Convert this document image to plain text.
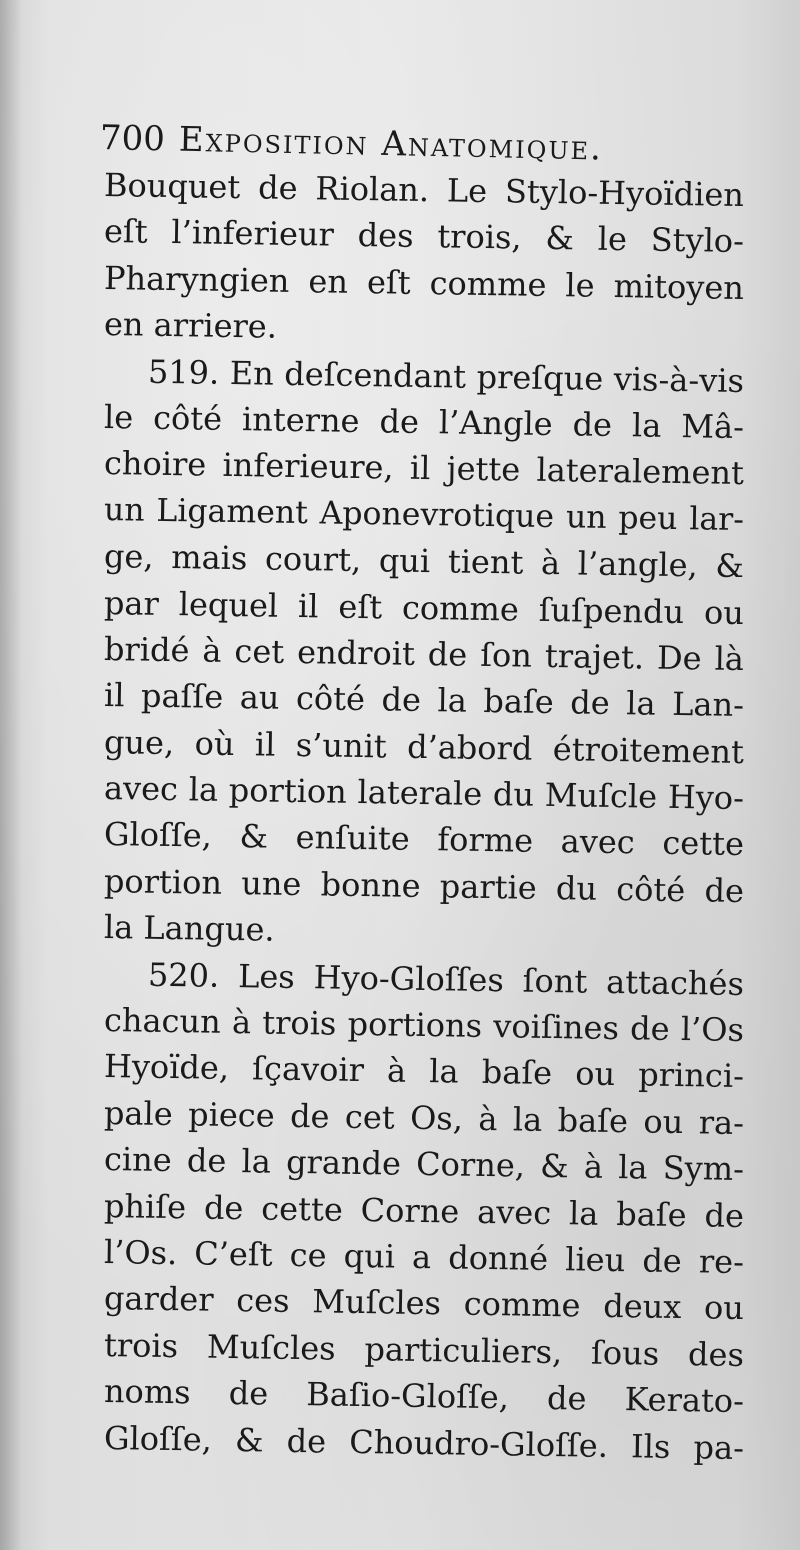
700 Exposition Anatomique.
Bouquet de Riolan. Le Stylo-Hyoïdien
eſt l’inferieur des trois, & le Stylo-
Pharyngien en eſt comme le mitoyen
en arriere.
519. En deſcendant preſque vis-à-vis
le côté interne de l’Angle de la Mâ-
choire inferieure, il jette lateralement
un Ligament Aponevrotique un peu lar-
ge, mais court, qui tient à l’angle, &
par lequel il eſt comme ſuſpendu ou
bridé à cet endroit de ſon trajet. De là
il paſſe au côté de la baſe de la Lan-
gue, où il s’unit d’abord étroitement
avec la portion laterale du Muſcle Hyo-
Gloſſe, & enſuite forme avec cette
portion une bonne partie du côté de
la Langue.
520. Les Hyo-Gloſſes ſont attachés
chacun à trois portions voiſines de l’Os
Hyoïde, ſçavoir à la baſe ou princi-
pale piece de cet Os, à la baſe ou ra-
cine de la grande Corne, & à la Sym-
phiſe de cette Corne avec la baſe de
l’Os. C’eſt ce qui a donné lieu de re-
garder ces Muſcles comme deux ou
trois Muſcles particuliers, ſous des
noms de Baſio-Gloſſe, de Kerato-
Gloſſe, & de Choudro-Gloſſe. Ils pa-
